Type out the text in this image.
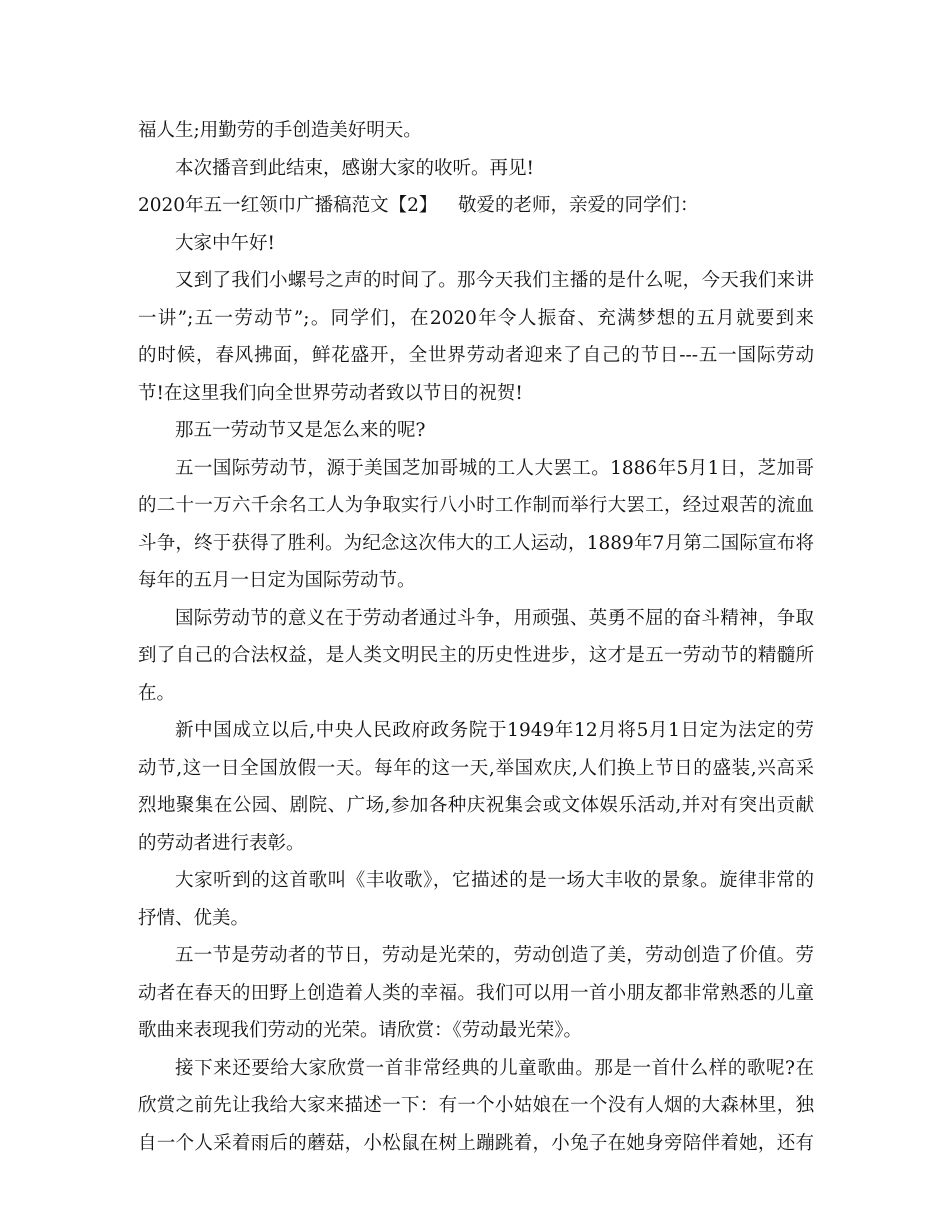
福人生;用勤劳的手创造美好明天。
本次播音到此结束，感谢大家的收听。再见!
2020年五一红领巾广播稿范文【2】	敬爱的老师，亲爱的同学们：
大家中午好!
又到了我们小螺号之声的时间了。那今天我们主播的是什么呢，今天我们来讲
一讲”;五一劳动节”;。同学们，在2020年令人振奋、充满梦想的五月就要到来
的时候，春风拂面，鲜花盛开，全世界劳动者迎来了自己的节日---五一国际劳动
节!在这里我们向全世界劳动者致以节日的祝贺!
那五一劳动节又是怎么来的呢?
五一国际劳动节，源于美国芝加哥城的工人大罢工。1886年5月1日，芝加哥
的二十一万六千余名工人为争取实行八小时工作制而举行大罢工，经过艰苦的流血
斗争，终于获得了胜利。为纪念这次伟大的工人运动，1889年7月第二国际宣布将
每年的五月一日定为国际劳动节。
国际劳动节的意义在于劳动者通过斗争，用顽强、英勇不屈的奋斗精神，争取
到了自己的合法权益，是人类文明民主的历史性进步，这才是五一劳动节的精髓所
在。
新中国成立以后,中央人民政府政务院于1949年12月将5月1日定为法定的劳
动节,这一日全国放假一天。每年的这一天,举国欢庆,人们换上节日的盛装,兴高采
烈地聚集在公园、剧院、广场,参加各种庆祝集会或文体娱乐活动,并对有突出贡献
的劳动者进行表彰。
大家听到的这首歌叫《丰收歌》，它描述的是一场大丰收的景象。旋律非常的
抒情、优美。
五一节是劳动者的节日，劳动是光荣的，劳动创造了美，劳动创造了价值。劳
动者在春天的田野上创造着人类的幸福。我们可以用一首小朋友都非常熟悉的儿童
歌曲来表现我们劳动的光荣。请欣赏：《劳动最光荣》。
接下来还要给大家欣赏一首非常经典的儿童歌曲。那是一首什么样的歌呢?在
欣赏之前先让我给大家来描述一下：有一个小姑娘在一个没有人烟的大森林里，独
自一个人采着雨后的蘑菇，小松鼠在树上蹦跳着，小兔子在她身旁陪伴着她，还有
